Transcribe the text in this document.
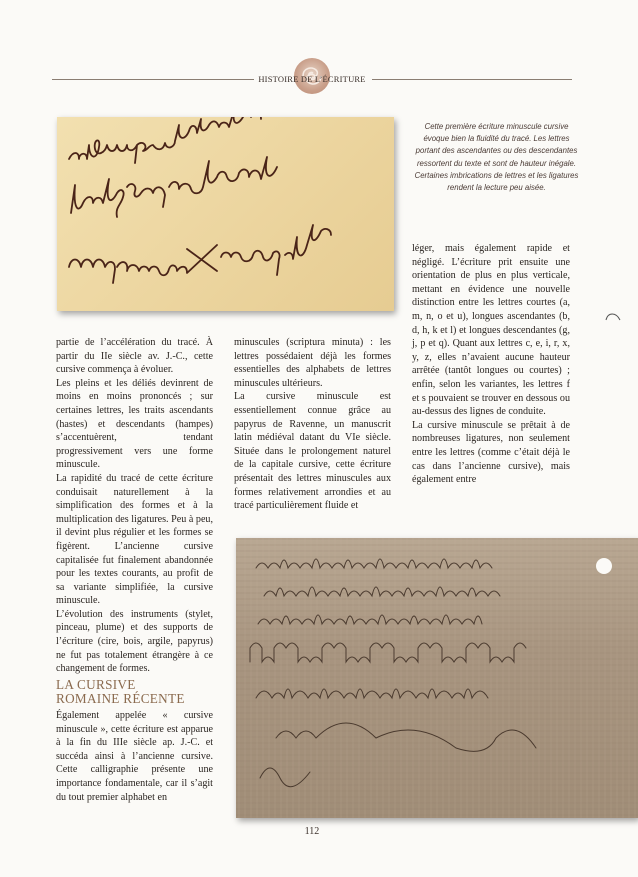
HISTOIRE DE L’ÉCRITURE
Cette première écriture minuscule cursive évoque bien la fluidité du tracé. Les lettres portant des ascendantes ou des descendantes ressortent du texte et sont de hauteur inégale. Certaines imbrications de lettres et les ligatures rendent la lecture peu aisée.

partie de l’accélération du tracé. À partir du IIe siècle av. J.-C., cette cursive commença à évoluer.

Les pleins et les déliés devinrent de moins en moins prononcés ; sur certaines lettres, les traits ascendants (hastes) et descendants (hampes) s’accentuèrent, tendant progressivement vers une forme minuscule.

La rapidité du tracé de cette écriture conduisait naturellement à la simplification des formes et à la multiplication des ligatures. Peu à peu, il devint plus régulier et les formes se figèrent. L’ancienne cursive capitalisée fut finalement abandonnée pour les textes courants, au profit de sa variante simplifiée, la cursive minuscule.

L’évolution des instruments (stylet, pinceau, plume) et des supports de l’écriture (cire, bois, argile, papyrus) ne fut pas totalement étrangère à ce changement de formes.

LA CURSIVE
ROMAINE RÉCENTE

Également appelée « cursive minuscule », cette écriture est apparue à la fin du IIIe siècle ap. J.-C. et succéda ainsi à l’ancienne cursive. Cette calligraphie présente une importance fondamentale, car il s’agit du tout premier alphabet en

minuscules (scriptura minuta) : les lettres possédaient déjà les formes essentielles des alphabets de lettres minuscules ultérieurs.

La cursive minuscule est essentiellement connue grâce au papyrus de Ravenne, un manuscrit latin médiéval datant du VIe siècle. Située dans le prolongement naturel de la capitale cursive, cette écriture présentait des lettres minuscules aux formes relativement arrondies et au tracé particulièrement fluide et

léger, mais également rapide et négligé. L’écriture prit ensuite une orientation de plus en plus verticale, mettant en évidence une nouvelle distinction entre les lettres courtes (a, m, n, o et u), longues ascendantes (b, d, h, k et l) et longues descendantes (g, j, p et q). Quant aux lettres c, e, i, r, x, y, z, elles n’avaient aucune hauteur arrêtée (tantôt longues ou courtes) ; enfin, selon les variantes, les lettres f et s pouvaient se trouver en dessous ou au-dessus des lignes de conduite.

La cursive minuscule se prêtait à de nombreuses ligatures, non seulement entre les lettres (comme c’était déjà le cas dans l’ancienne cursive), mais également entre

112
